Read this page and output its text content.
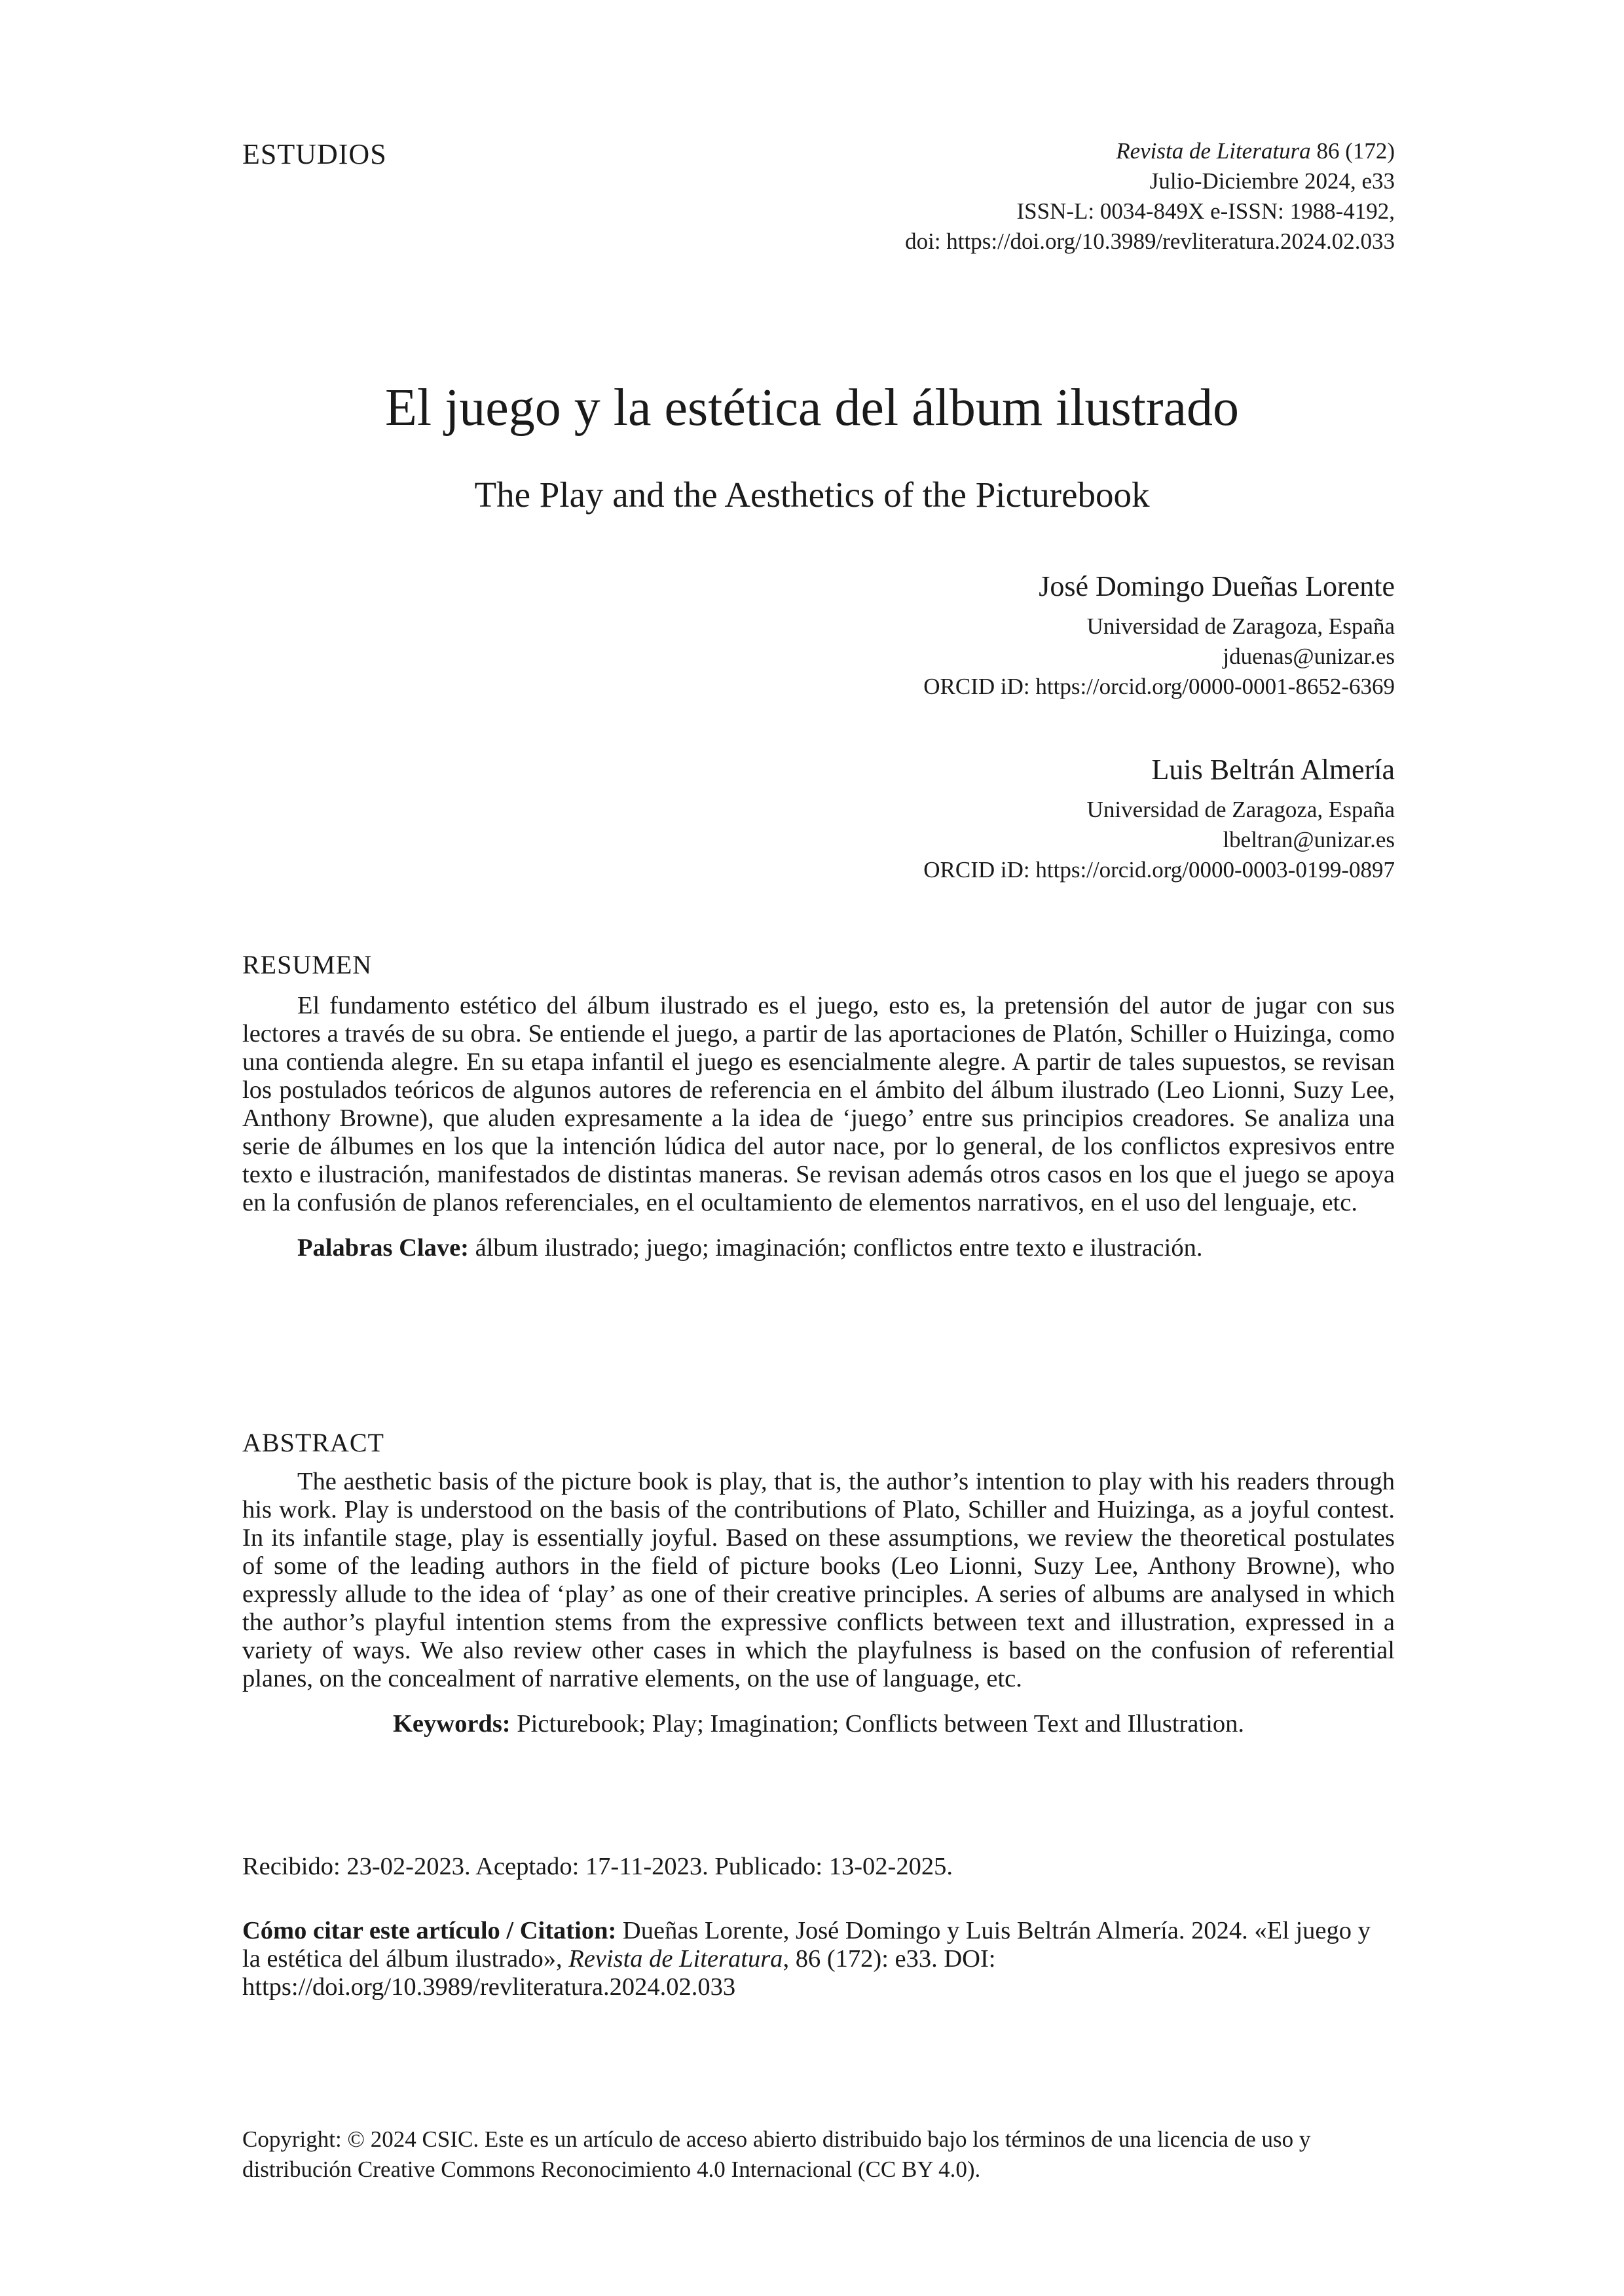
ESTUDIOS	Revista de Literatura 86 (172)
Julio-Diciembre 2024, e33
ISSN-L: 0034-849X e-ISSN: 1988-4192,
doi: https://doi.org/10.3989/revliteratura.2024.02.033
El juego y la estética del álbum ilustrado
The Play and the Aesthetics of the Picturebook
José Domingo Dueñas Lorente
Universidad de Zaragoza, España
jduenas@unizar.es
ORCID iD: https://orcid.org/0000-0001-8652-6369
Luis Beltrán Almería
Universidad de Zaragoza, España
lbeltran@unizar.es
ORCID iD: https://orcid.org/0000-0003-0199-0897
RESUMEN

El fundamento estético del álbum ilustrado es el juego, esto es, la pretensión del autor de jugar con sus lectores a través de su obra. Se entiende el juego, a partir de las aportaciones de Platón, Schiller o Huizinga, como una contienda alegre. En su etapa infantil el juego es esencialmente alegre. A partir de tales supuestos, se revisan los postulados teóricos de algunos autores de referencia en el ámbito del álbum ilustrado (Leo Lionni, Suzy Lee, Anthony Browne), que aluden expresamente a la idea de ‘juego’ entre sus principios creadores. Se analiza una serie de álbumes en los que la intención lúdica del autor nace, por lo general, de los conflictos expresivos entre texto e ilustración, manifestados de distintas maneras. Se revisan además otros casos en los que el juego se apoya en la confusión de planos referenciales, en el ocultamiento de elementos narrativos, en el uso del lenguaje, etc.

Palabras Clave: álbum ilustrado; juego; imaginación; conflictos entre texto e ilustración.

ABSTRACT

The aesthetic basis of the picture book is play, that is, the author’s intention to play with his readers through his work. Play is understood on the basis of the contributions of Plato, Schiller and Huizinga, as a joyful contest. In its infantile stage, play is essentially joyful. Based on these assumptions, we review the theoretical postulates of some of the leading authors in the field of picture books (Leo Lionni, Suzy Lee, Anthony Browne), who expressly allude to the idea of ‘play’ as one of their creative principles. A series of albums are analysed in which the author’s playful intention stems from the expressive conflicts between text and illustration, expressed in a variety of ways. We also review other cases in which the playfulness is based on the confusion of referential planes, on the concealment of narrative elements, on the use of language, etc.

Keywords: Picturebook; Play; Imagination; Conflicts between Text and Illustration.

Recibido: 23-02-2023. Aceptado: 17-11-2023. Publicado: 13-02-2025.
Cómo citar este artículo / Citation: Dueñas Lorente, José Domingo y Luis Beltrán Almería. 2024. «El juego y la estética del álbum ilustrado», Revista de Literatura, 86 (172): e33. DOI: https://doi.org/10.3989/revliteratura.2024.02.033
Copyright: © 2024 CSIC. Este es un artículo de acceso abierto distribuido bajo los términos de una licencia de uso y distribución Creative Commons Reconocimiento 4.0 Internacional (CC BY 4.0).
